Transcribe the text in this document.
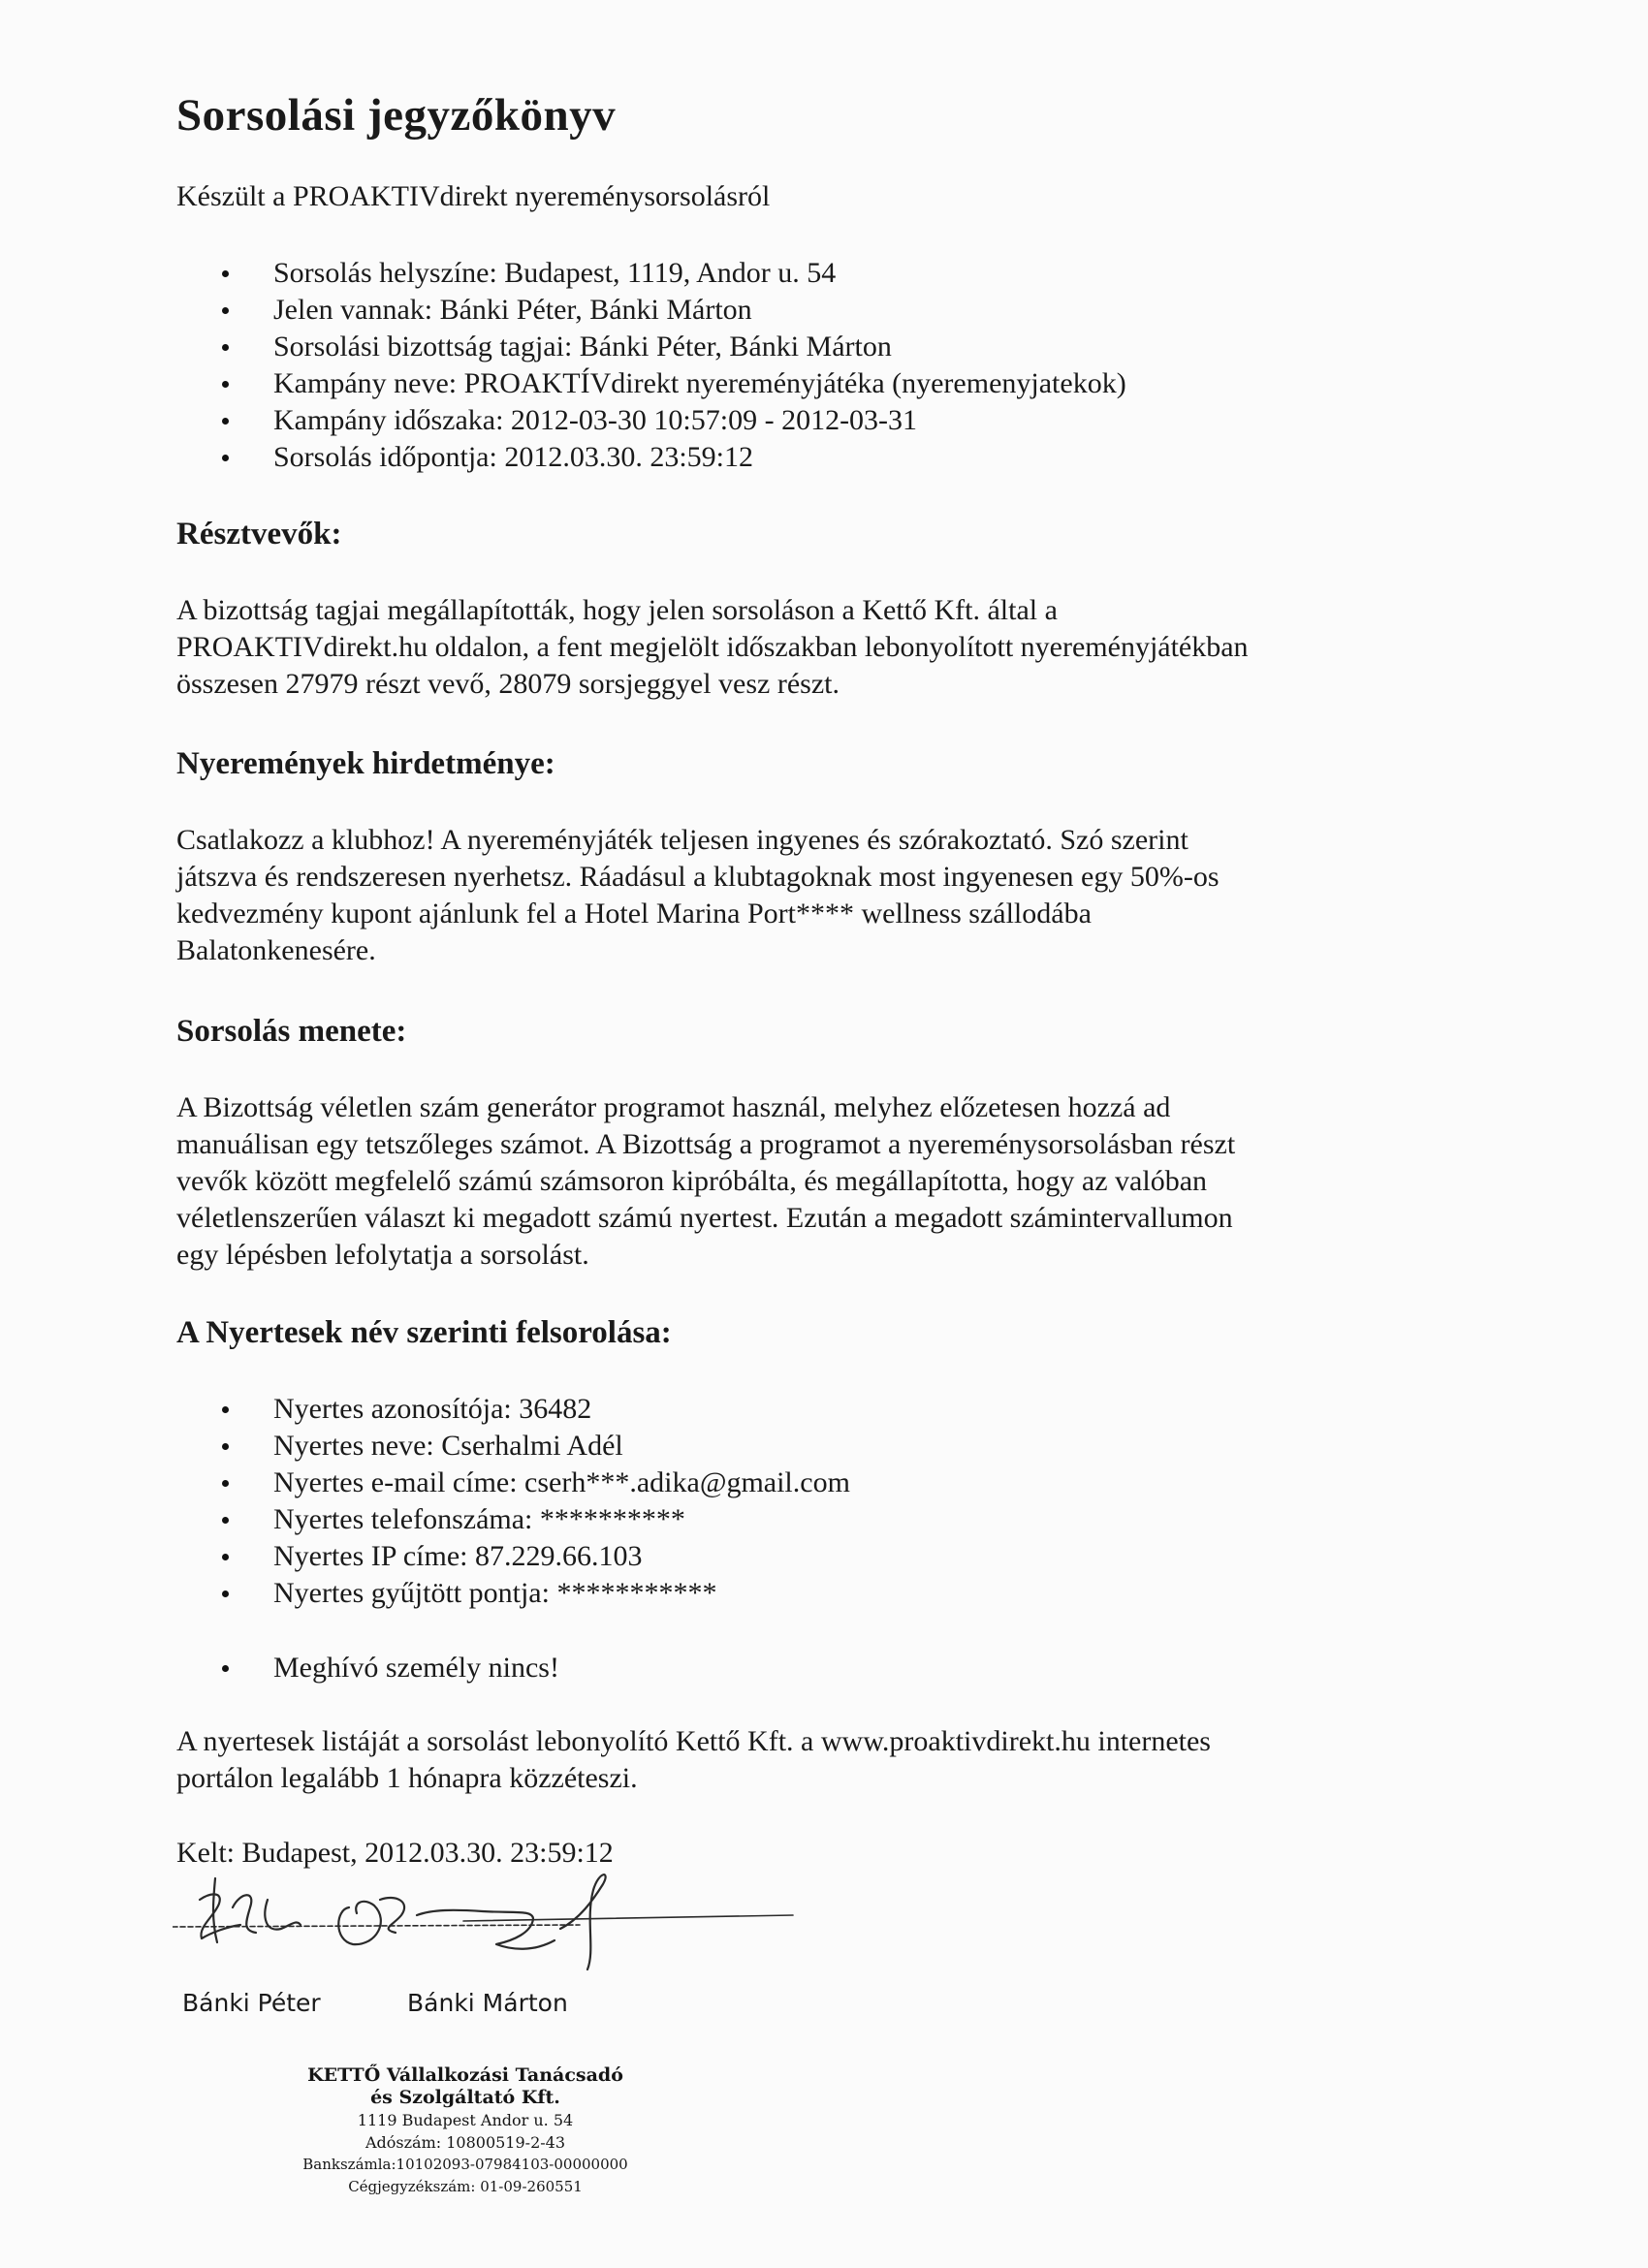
Sorsolási jegyzőkönyv

Készült a PROAKTIVdirekt nyereménysorsolásról

Sorsolás helyszíne: Budapest, 1119, Andor u. 54
Jelen vannak: Bánki Péter, Bánki Márton
Sorsolási bizottság tagjai: Bánki Péter, Bánki Márton
Kampány neve: PROAKTÍVdirekt nyereményjátéka (nyeremenyjatekok)
Kampány időszaka: 2012-03-30 10:57:09 - 2012-03-31
Sorsolás időpontja: 2012.03.30. 23:59:12
Résztvevők:

A bizottság tagjai megállapították, hogy jelen sorsoláson a Kettő Kft. által a
PROAKTIVdirekt.hu oldalon, a fent megjelölt időszakban lebonyolított nyereményjátékban
összesen 27979 részt vevő, 28079 sorsjeggyel vesz részt.

Nyeremények hirdetménye:

Csatlakozz a klubhoz! A nyereményjáték teljesen ingyenes és szórakoztató. Szó szerint
játszva és rendszeresen nyerhetsz. Ráadásul a klubtagoknak most ingyenesen egy 50%-os
kedvezmény kupont ajánlunk fel a Hotel Marina Port**** wellness szállodába
Balatonkenesére.

Sorsolás menete:

A Bizottság véletlen szám generátor programot használ, melyhez előzetesen hozzá ad
manuálisan egy tetszőleges számot. A Bizottság a programot a nyereménysorsolásban részt
vevők között megfelelő számú számsoron kipróbálta, és megállapította, hogy az valóban
véletlenszerűen választ ki megadott számú nyertest. Ezután a megadott számintervallumon
egy lépésben lefolytatja a sorsolást.

A Nyertesek név szerinti felsorolása:
Nyertes azonosítója: 36482
Nyertes neve: Cserhalmi Adél
Nyertes e-mail címe: cserh***.adika@gmail.com
Nyertes telefonszáma: **********
Nyertes IP címe: 87.229.66.103
Nyertes gyűjtött pontja: ***********
Meghívó személy nincs!

A nyertesek listáját a sorsolást lebonyolító Kettő Kft. a www.proaktivdirekt.hu internetes
portálon legalább 1 hónapra közzéteszi.

Kelt: Budapest, 2012.03.30. 23:59:12

Bánki Péter	Bánki Márton

KETTŐ Vállalkozási Tanácsadó
és Szolgáltató Kft.
1119 Budapest Andor u. 54
Adószám: 10800519-2-43
Bankszámla:10102093-07984103-00000000
Cégjegyzékszám: 01-09-260551
